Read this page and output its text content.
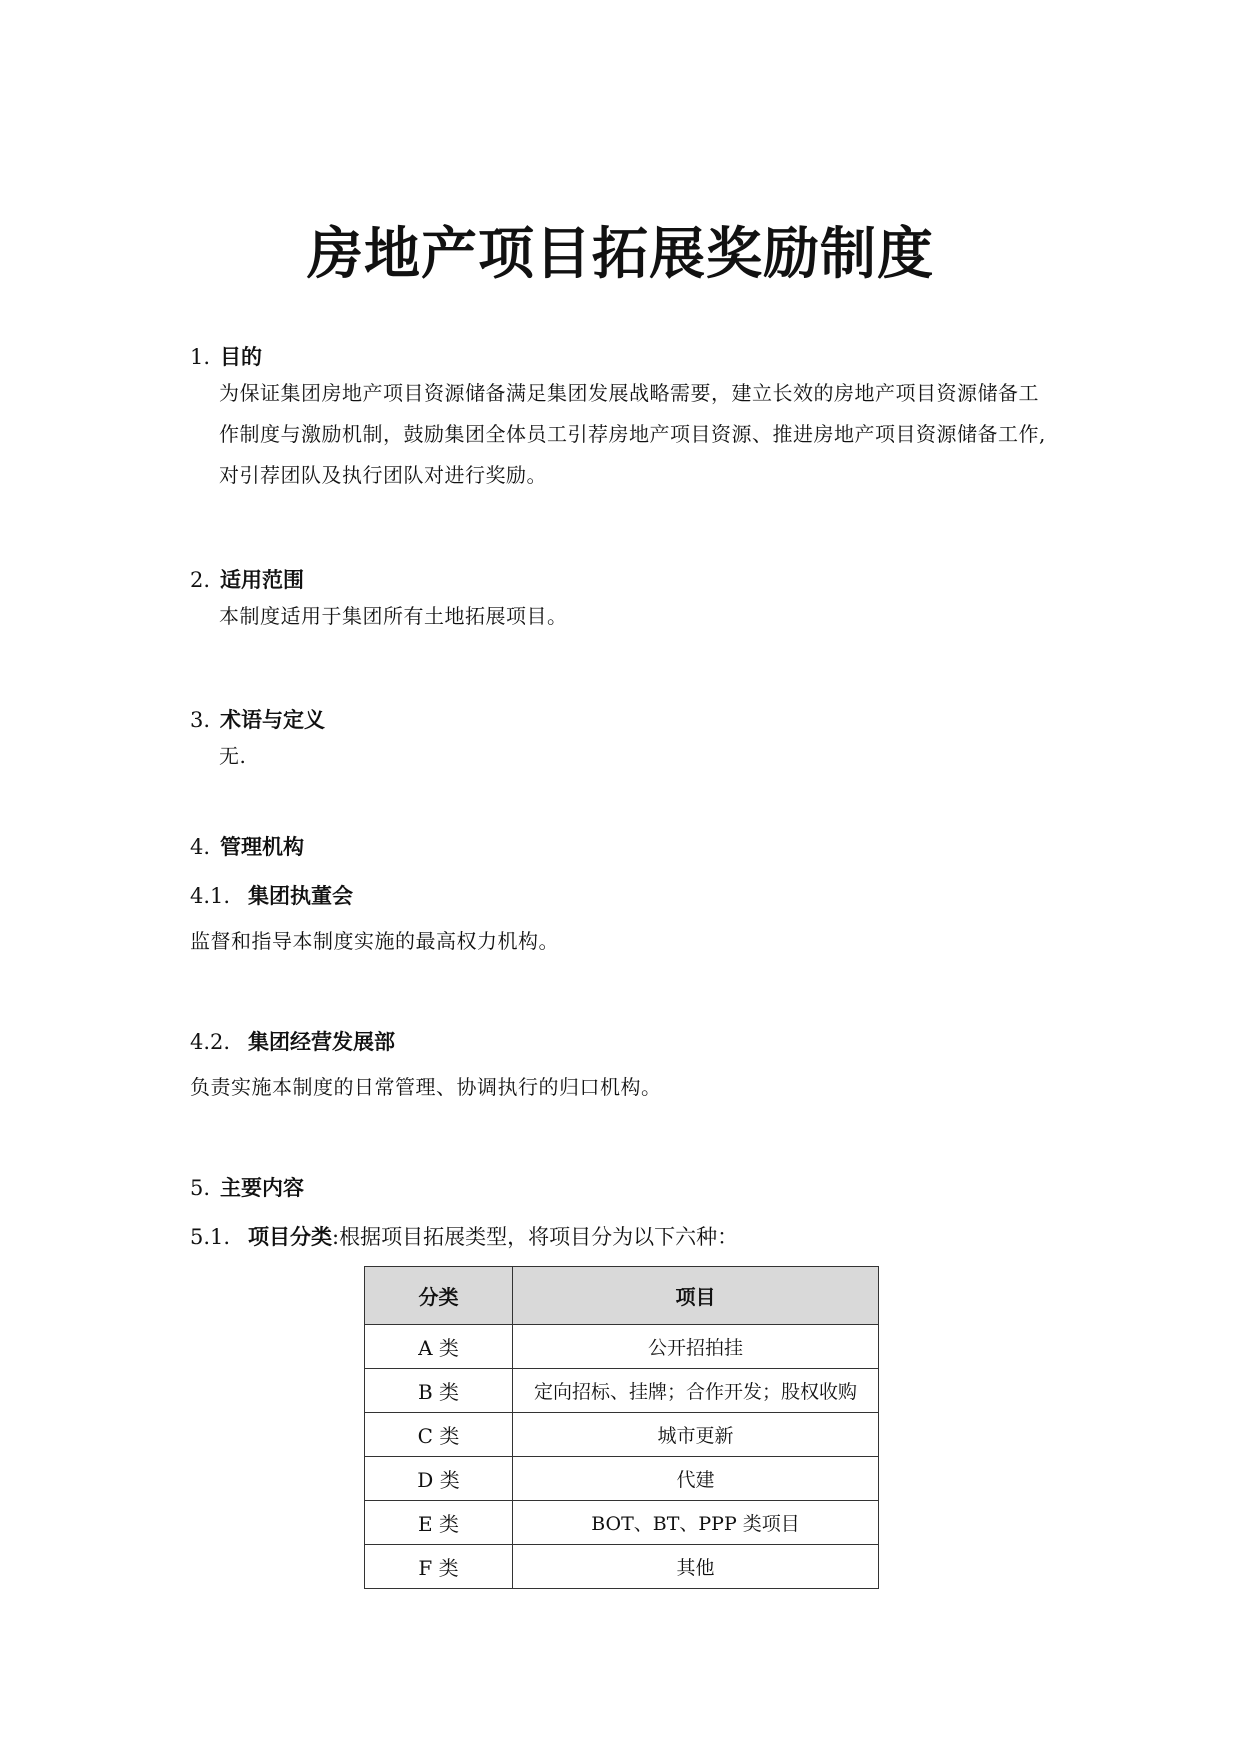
房地产项目拓展奖励制度
1. 目的
为保证集团房地产项目资源储备满足集团发展战略需要，建立长效的房地产项目资源储备工作制度与激励机制，鼓励集团全体员工引荐房地产项目资源、推进房地产项目资源储备工作,对引荐团队及执行团队对进行奖励。
2. 适用范围
本制度适用于集团所有土地拓展项目。
3. 术语与定义
无.
4. 管理机构
4.1. 集团执董会
监督和指导本制度实施的最高权力机构。
4.2. 集团经营发展部
负责实施本制度的日常管理、协调执行的归口机构。
5. 主要内容
5.1. 项目分类:根据项目拓展类型，将项目分为以下六种：
分类	项目
A 类	公开招拍挂
B 类	定向招标、挂牌；合作开发；股权收购
C 类	城市更新
D 类	代建
E 类	BOT、BT、PPP 类项目
F 类	其他
